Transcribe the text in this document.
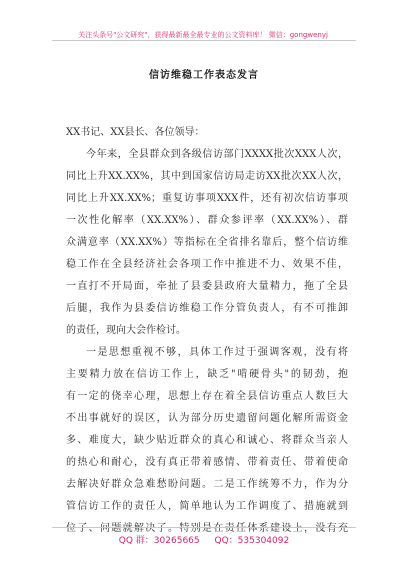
关注头条号"公文研究"，获得最新最全最专业的公文资料库！ 微信：gongwenyj
信访维稳工作表态发言
XX书记、XX县长、各位领导：
今年来，全县群众到各级信访部门XXXX批次XXX人次，
同比上升XX.XX%，其中到国家信访局走访XX批次XX人次，
同比上升XX.XX%；重复访事项XXX件，还有初次信访事项
一次性化解率（XX.XX%）、群众参评率（XX.XX%）、群
众满意率（XX.XX%）等指标在全省排名靠后，整个信访维
稳工作在全县经济社会各项工作中推进不力、效果不佳，
一直打不开局面，牵扯了县委县政府大量精力，拖了全县
后腿，我作为县委信访维稳工作分管负责人，有不可推卸
的责任，现向大会作检讨。
一是思想重视不够，具体工作过于强调客观，没有将
主要精力放在信访工作上，缺乏"啃硬骨头"的韧劲，抱
有一定的侥幸心理，思想上存在着全县信访重点人数巨大
不出事就好的误区，认为部分历史遗留问题化解所需资金
多、难度大，缺少贴近群众的真心和诚心、将群众当亲人
的热心和耐心，没有真正带着感情、带着责任、带着使命
去解决好群众急难愁盼问题。二是工作统筹不力，作为分
管信访工作的责任人，简单地认为工作调度了、措施就到
位了、问题就解决了。特别是在责任体系建设上，没有充
QQ 群：30265665 QQ：535304092
